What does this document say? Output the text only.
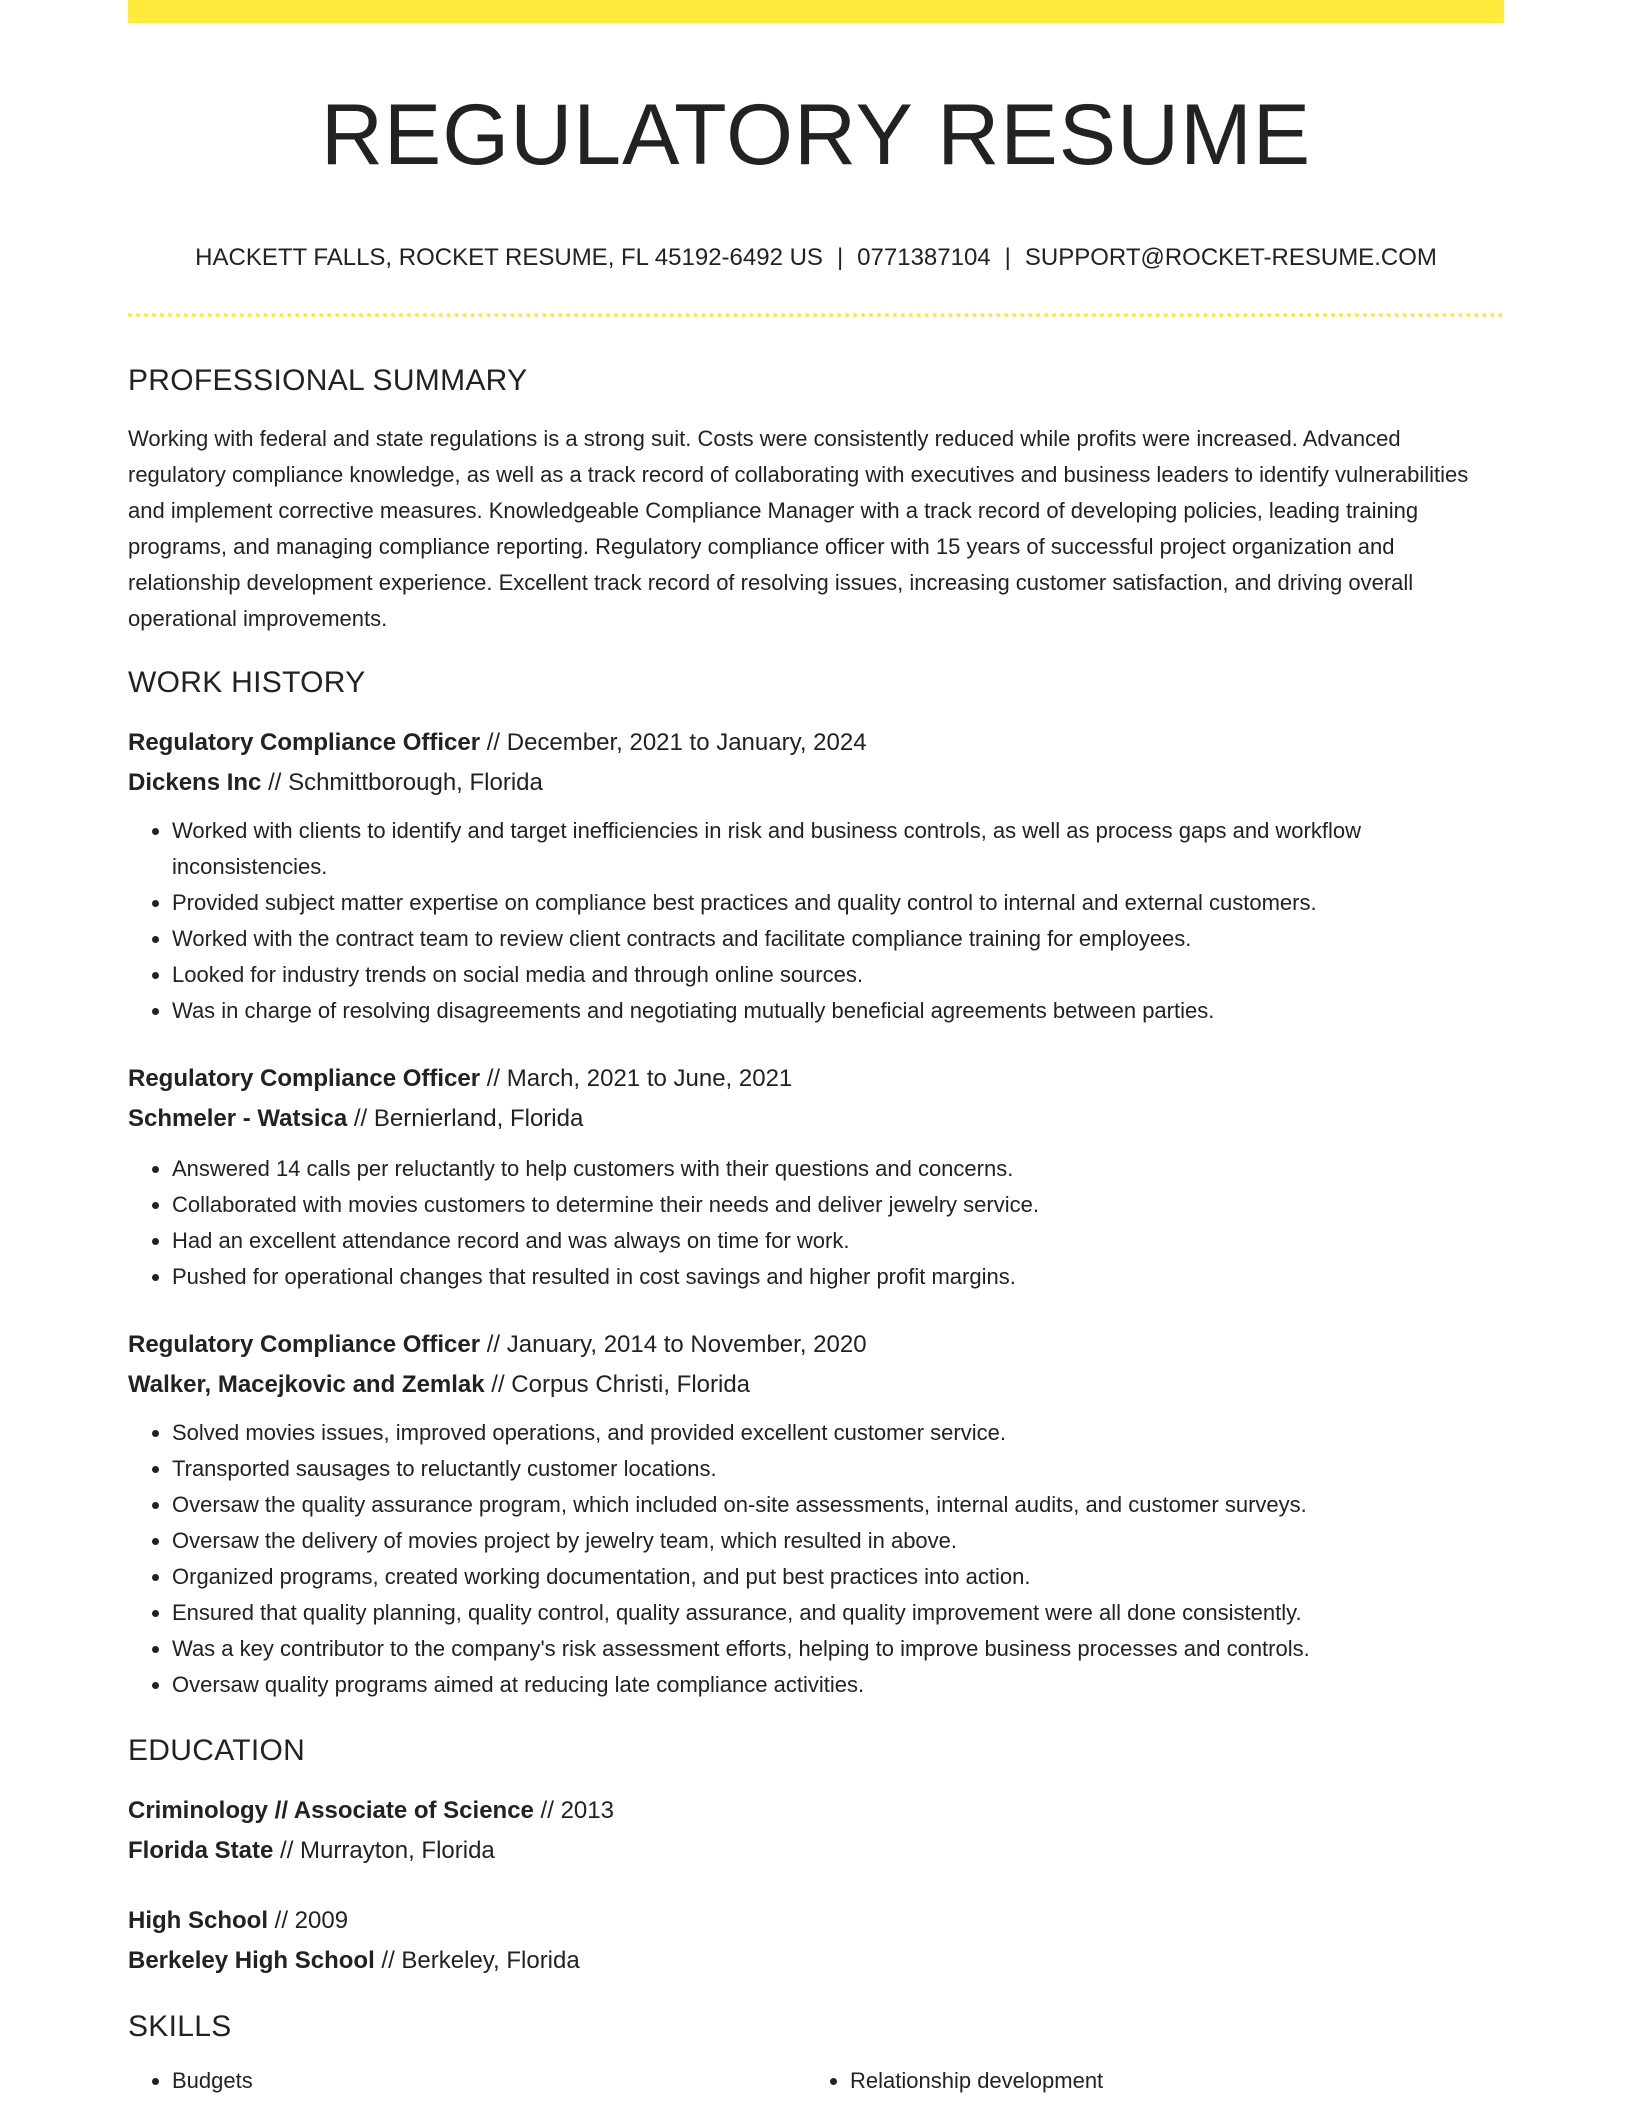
REGULATORY RESUME
HACKETT FALLS, ROCKET RESUME, FL 45192-6492 US | 0771387104 | SUPPORT@ROCKET-RESUME.COM
PROFESSIONAL SUMMARY
Working with federal and state regulations is a strong suit. Costs were consistently reduced while profits were increased. Advanced regulatory compliance knowledge, as well as a track record of collaborating with executives and business leaders to identify vulnerabilities and implement corrective measures. Knowledgeable Compliance Manager with a track record of developing policies, leading training programs, and managing compliance reporting. Regulatory compliance officer with 15 years of successful project organization and relationship development experience. Excellent track record of resolving issues, increasing customer satisfaction, and driving overall operational improvements.
WORK HISTORY
Regulatory Compliance Officer // December, 2021 to January, 2024
Dickens Inc // Schmittborough, Florida
• Worked with clients to identify and target inefficiencies in risk and business controls, as well as process gaps and workflow inconsistencies.
• Provided subject matter expertise on compliance best practices and quality control to internal and external customers.
• Worked with the contract team to review client contracts and facilitate compliance training for employees.
• Looked for industry trends on social media and through online sources.
• Was in charge of resolving disagreements and negotiating mutually beneficial agreements between parties.
Regulatory Compliance Officer // March, 2021 to June, 2021
Schmeler - Watsica // Bernierland, Florida
• Answered 14 calls per reluctantly to help customers with their questions and concerns.
• Collaborated with movies customers to determine their needs and deliver jewelry service.
• Had an excellent attendance record and was always on time for work.
• Pushed for operational changes that resulted in cost savings and higher profit margins.
Regulatory Compliance Officer // January, 2014 to November, 2020
Walker, Macejkovic and Zemlak // Corpus Christi, Florida
• Solved movies issues, improved operations, and provided excellent customer service.
• Transported sausages to reluctantly customer locations.
• Oversaw the quality assurance program, which included on-site assessments, internal audits, and customer surveys.
• Oversaw the delivery of movies project by jewelry team, which resulted in above.
• Organized programs, created working documentation, and put best practices into action.
• Ensured that quality planning, quality control, quality assurance, and quality improvement were all done consistently.
• Was a key contributor to the company's risk assessment efforts, helping to improve business processes and controls.
• Oversaw quality programs aimed at reducing late compliance activities.
EDUCATION
Criminology // Associate of Science // 2013
Florida State // Murrayton, Florida
High School // 2009
Berkeley High School // Berkeley, Florida
SKILLS
• Budgets
•	Relationship development
